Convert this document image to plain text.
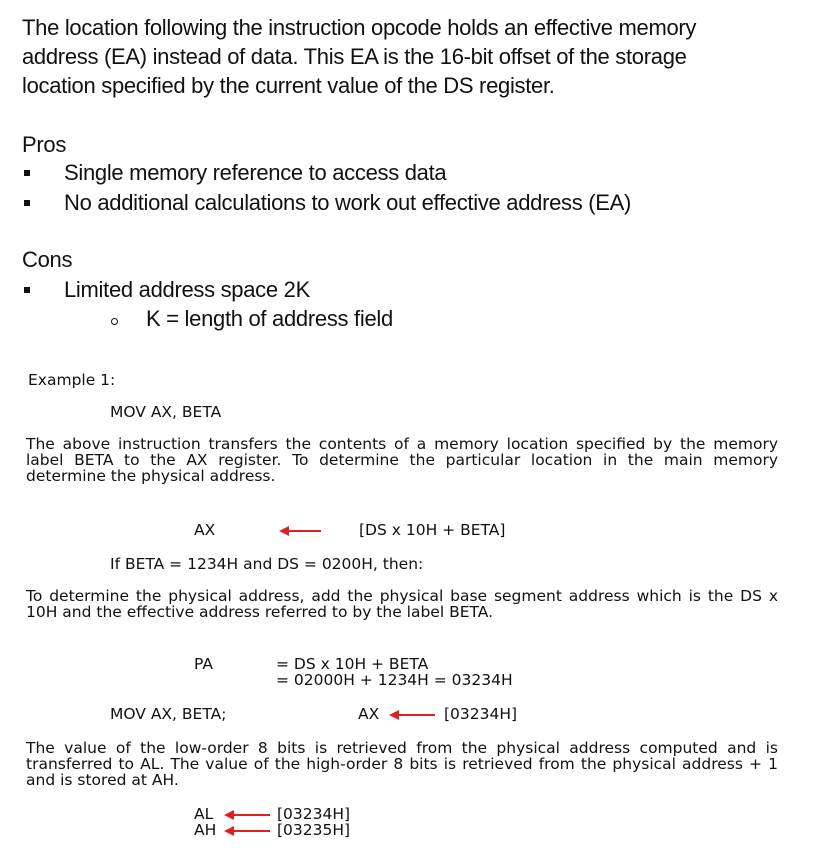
The location following the instruction opcode holds an effective memory
address (EA) instead of data. This EA is the 16-bit offset of the storage
location specified by the current value of the DS register.
Pros
Single memory reference to access data
No additional calculations to work out effective address (EA)
Cons
Limited address space 2K
K = length of address field
Example 1:
MOV AX, BETA
The above instruction transfers the contents of a memory location specified by the memory label BETA to the AX register. To determine the particular location in the main memory determine the physical address.
AX	[DS x 10H + BETA]
If BETA = 1234H and DS = 0200H, then:
To determine the physical address, add the physical base segment address which is the DS x 10H and the effective address referred to by the label BETA.
PA	= DS x 10H + BETA
= 02000H + 1234H = 03234H
MOV AX, BETA;	AX	[03234H]
The value of the low-order 8 bits is retrieved from the physical address computed and is transferred to AL. The value of the high-order 8 bits is retrieved from the physical address + 1 and is stored at AH.
AL	[03234H]
AH	[03235H]
